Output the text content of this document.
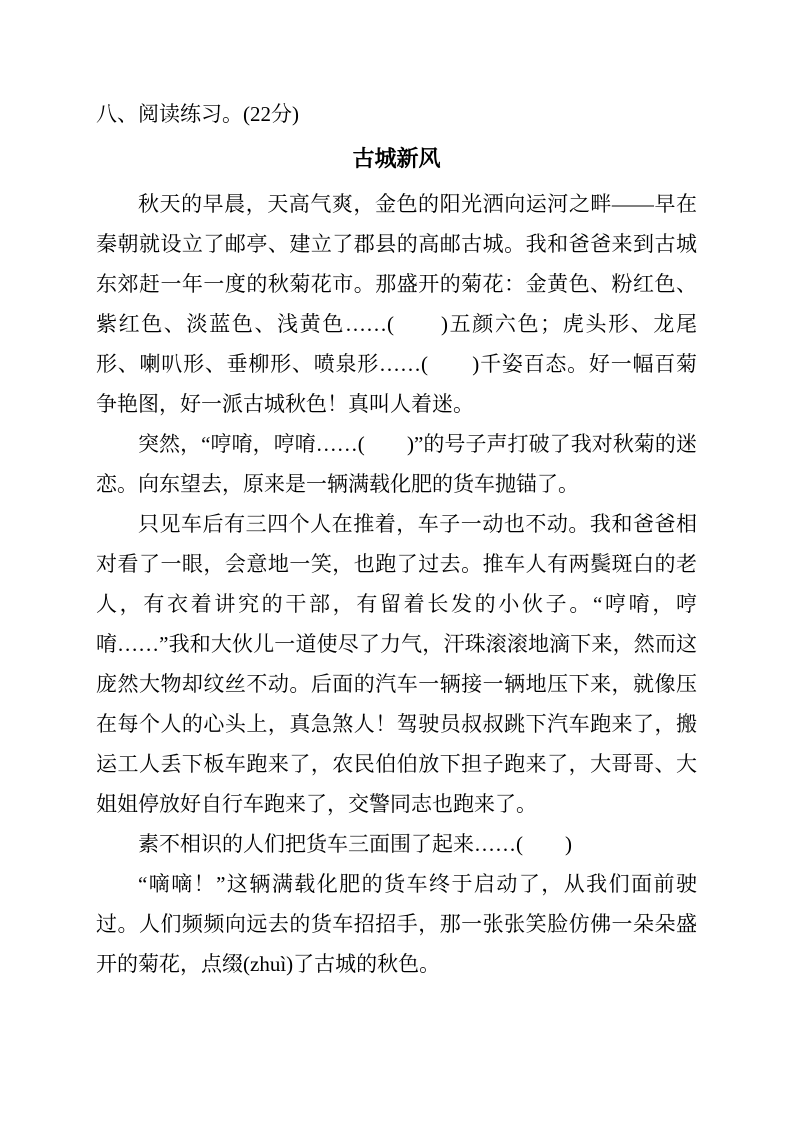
八、阅读练习。(22分)
古城新风

秋天的早晨，天高气爽，金色的阳光洒向运河之畔——早在秦朝就设立了邮亭、建立了郡县的高邮古城。我和爸爸来到古城东郊赶一年一度的秋菊花市。那盛开的菊花：金黄色、粉红色、紫红色、淡蓝色、浅黄色……(　　)五颜六色；虎头形、龙尾形、喇叭形、垂柳形、喷泉形……(　　)千姿百态。好一幅百菊争艳图，好一派古城秋色！真叫人着迷。

突然，“哼唷，哼唷……(　　)”的号子声打破了我对秋菊的迷恋。向东望去，原来是一辆满载化肥的货车抛锚了。

只见车后有三四个人在推着，车子一动也不动。我和爸爸相对看了一眼，会意地一笑，也跑了过去。推车人有两鬓斑白的老人，有衣着讲究的干部，有留着长发的小伙子。“哼唷，哼唷……”我和大伙儿一道使尽了力气，汗珠滚滚地滴下来，然而这庞然大物却纹丝不动。后面的汽车一辆接一辆地压下来，就像压在每个人的心头上，真急煞人！驾驶员叔叔跳下汽车跑来了，搬运工人丢下板车跑来了，农民伯伯放下担子跑来了，大哥哥、大姐姐停放好自行车跑来了，交警同志也跑来了。

素不相识的人们把货车三面围了起来……(　　)

“嘀嘀！”这辆满载化肥的货车终于启动了，从我们面前驶过。人们频频向远去的货车招招手，那一张张笑脸仿佛一朵朵盛开的菊花，点缀(zhuì)了古城的秋色。
